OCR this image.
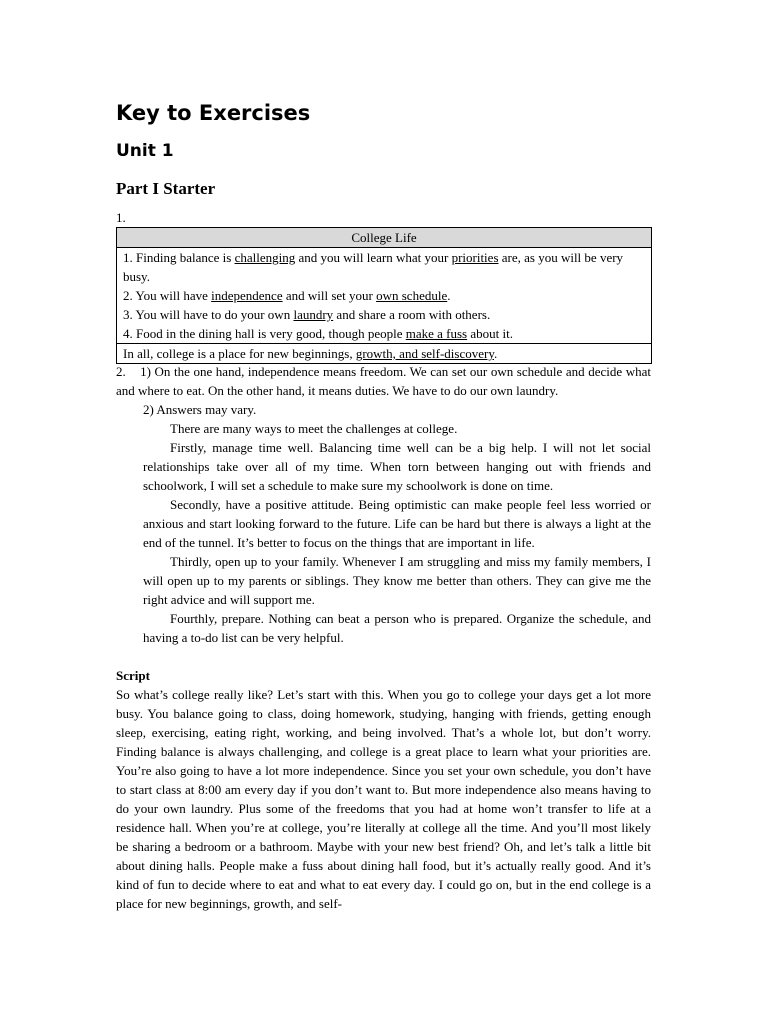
Key to Exercises
Unit 1
Part I Starter
1.
College Life

1. Finding balance is challenging and you will learn what your priorities are, as you will be very busy.
2. You will have independence and will set your own schedule.
3. You will have to do your own laundry and share a room with others.
4. Food in the dining hall is very good, though people make a fuss about it.

In all, college is a place for new beginnings, growth, and self-discovery.

2. 1) On the one hand, independence means freedom. We can set our own schedule and decide what and where to eat. On the other hand, it means duties. We have to do our own laundry.

2) Answers may vary.

There are many ways to meet the challenges at college.

Firstly, manage time well. Balancing time well can be a big help. I will not let social relationships take over all of my time. When torn between hanging out with friends and schoolwork, I will set a schedule to make sure my schoolwork is done on time.

Secondly, have a positive attitude. Being optimistic can make people feel less worried or anxious and start looking forward to the future. Life can be hard but there is always a light at the end of the tunnel. It’s better to focus on the things that are important in life.

Thirdly, open up to your family. Whenever I am struggling and miss my family members, I will open up to my parents or siblings. They know me better than others. They can give me the right advice and will support me.

Fourthly, prepare. Nothing can beat a person who is prepared. Organize the schedule, and having a to-do list can be very helpful.

Script

So what’s college really like? Let’s start with this. When you go to college your days get a lot more busy. You balance going to class, doing homework, studying, hanging with friends, getting enough sleep, exercising, eating right, working, and being involved. That’s a whole lot, but don’t worry. Finding balance is always challenging, and college is a great place to learn what your priorities are. You’re also going to have a lot more independence. Since you set your own schedule, you don’t have to start class at 8:00 am every day if you don’t want to. But more independence also means having to do your own laundry. Plus some of the freedoms that you had at home won’t transfer to life at a residence hall. When you’re at college, you’re literally at college all the time. And you’ll most likely be sharing a bedroom or a bathroom. Maybe with your new best friend? Oh, and let’s talk a little bit about dining halls. People make a fuss about dining hall food, but it’s actually really good. And it’s kind of fun to decide where to eat and what to eat every day. I could go on, but in the end college is a place for new beginnings, growth, and self-
